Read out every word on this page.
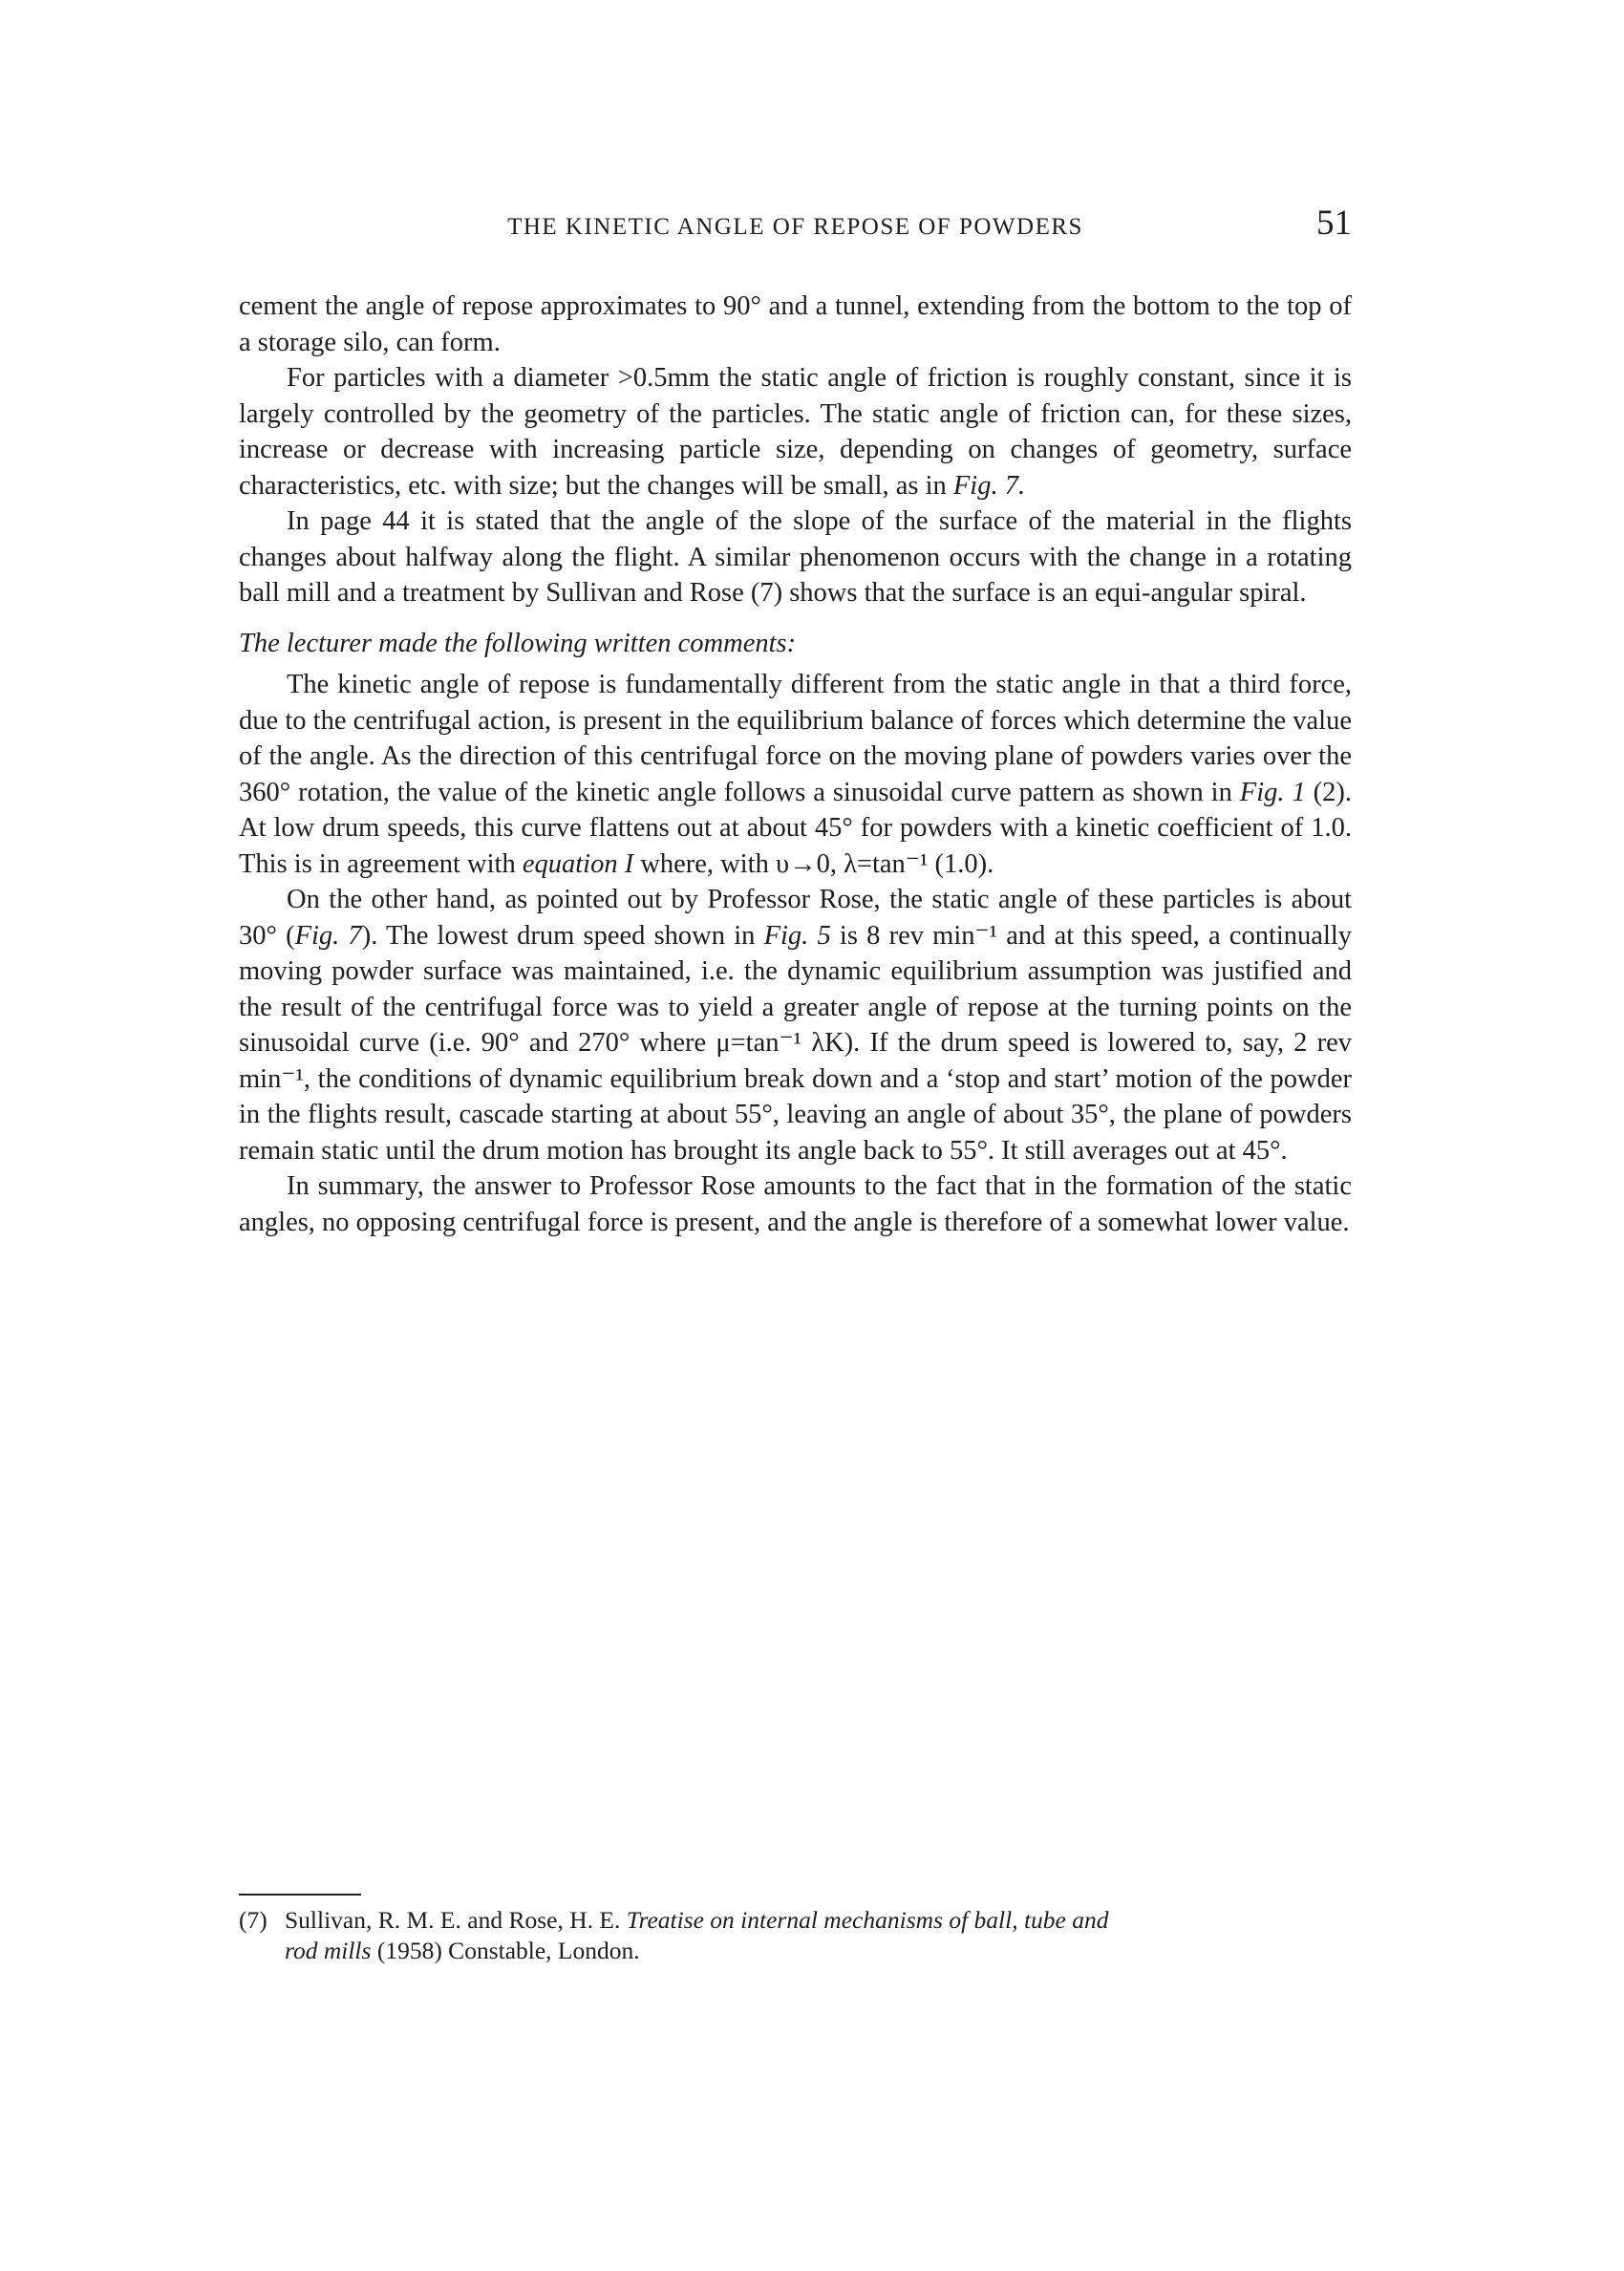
THE KINETIC ANGLE OF REPOSE OF POWDERS	51

cement the angle of repose approximates to 90° and a tunnel, extending from the bottom to the top of a storage silo, can form.

For particles with a diameter >0.5mm the static angle of friction is roughly constant, since it is largely controlled by the geometry of the particles. The static angle of friction can, for these sizes, increase or decrease with increasing particle size, depending on changes of geometry, surface characteristics, etc. with size; but the changes will be small, as in Fig. 7.

In page 44 it is stated that the angle of the slope of the surface of the material in the flights changes about halfway along the flight. A similar phenomenon occurs with the change in a rotating ball mill and a treatment by Sullivan and Rose (7) shows that the surface is an equi-angular spiral.

The lecturer made the following written comments:

The kinetic angle of repose is fundamentally different from the static angle in that a third force, due to the centrifugal action, is present in the equilibrium balance of forces which determine the value of the angle. As the direction of this centrifugal force on the moving plane of powders varies over the 360° rotation, the value of the kinetic angle follows a sinusoidal curve pattern as shown in Fig. 1 (2). At low drum speeds, this curve flattens out at about 45° for powders with a kinetic coefficient of 1.0. This is in agreement with equation I where, with υ→0, λ=tan⁻¹ (1.0).

On the other hand, as pointed out by Professor Rose, the static angle of these particles is about 30° (Fig. 7). The lowest drum speed shown in Fig. 5 is 8 rev min⁻¹ and at this speed, a continually moving powder surface was maintained, i.e. the dynamic equilibrium assumption was justified and the result of the centrifugal force was to yield a greater angle of repose at the turning points on the sinusoidal curve (i.e. 90° and 270° where μ=tan⁻¹ λK). If the drum speed is lowered to, say, 2 rev min⁻¹, the conditions of dynamic equilibrium break down and a ‘stop and start’ motion of the powder in the flights result, cascade starting at about 55°, leaving an angle of about 35°, the plane of powders remain static until the drum motion has brought its angle back to 55°. It still averages out at 45°.

In summary, the answer to Professor Rose amounts to the fact that in the formation of the static angles, no opposing centrifugal force is present, and the angle is therefore of a somewhat lower value.

(7) Sullivan, R. M. E. and Rose, H. E. Treatise on internal mechanisms of ball, tube and
rod mills (1958) Constable, London.
